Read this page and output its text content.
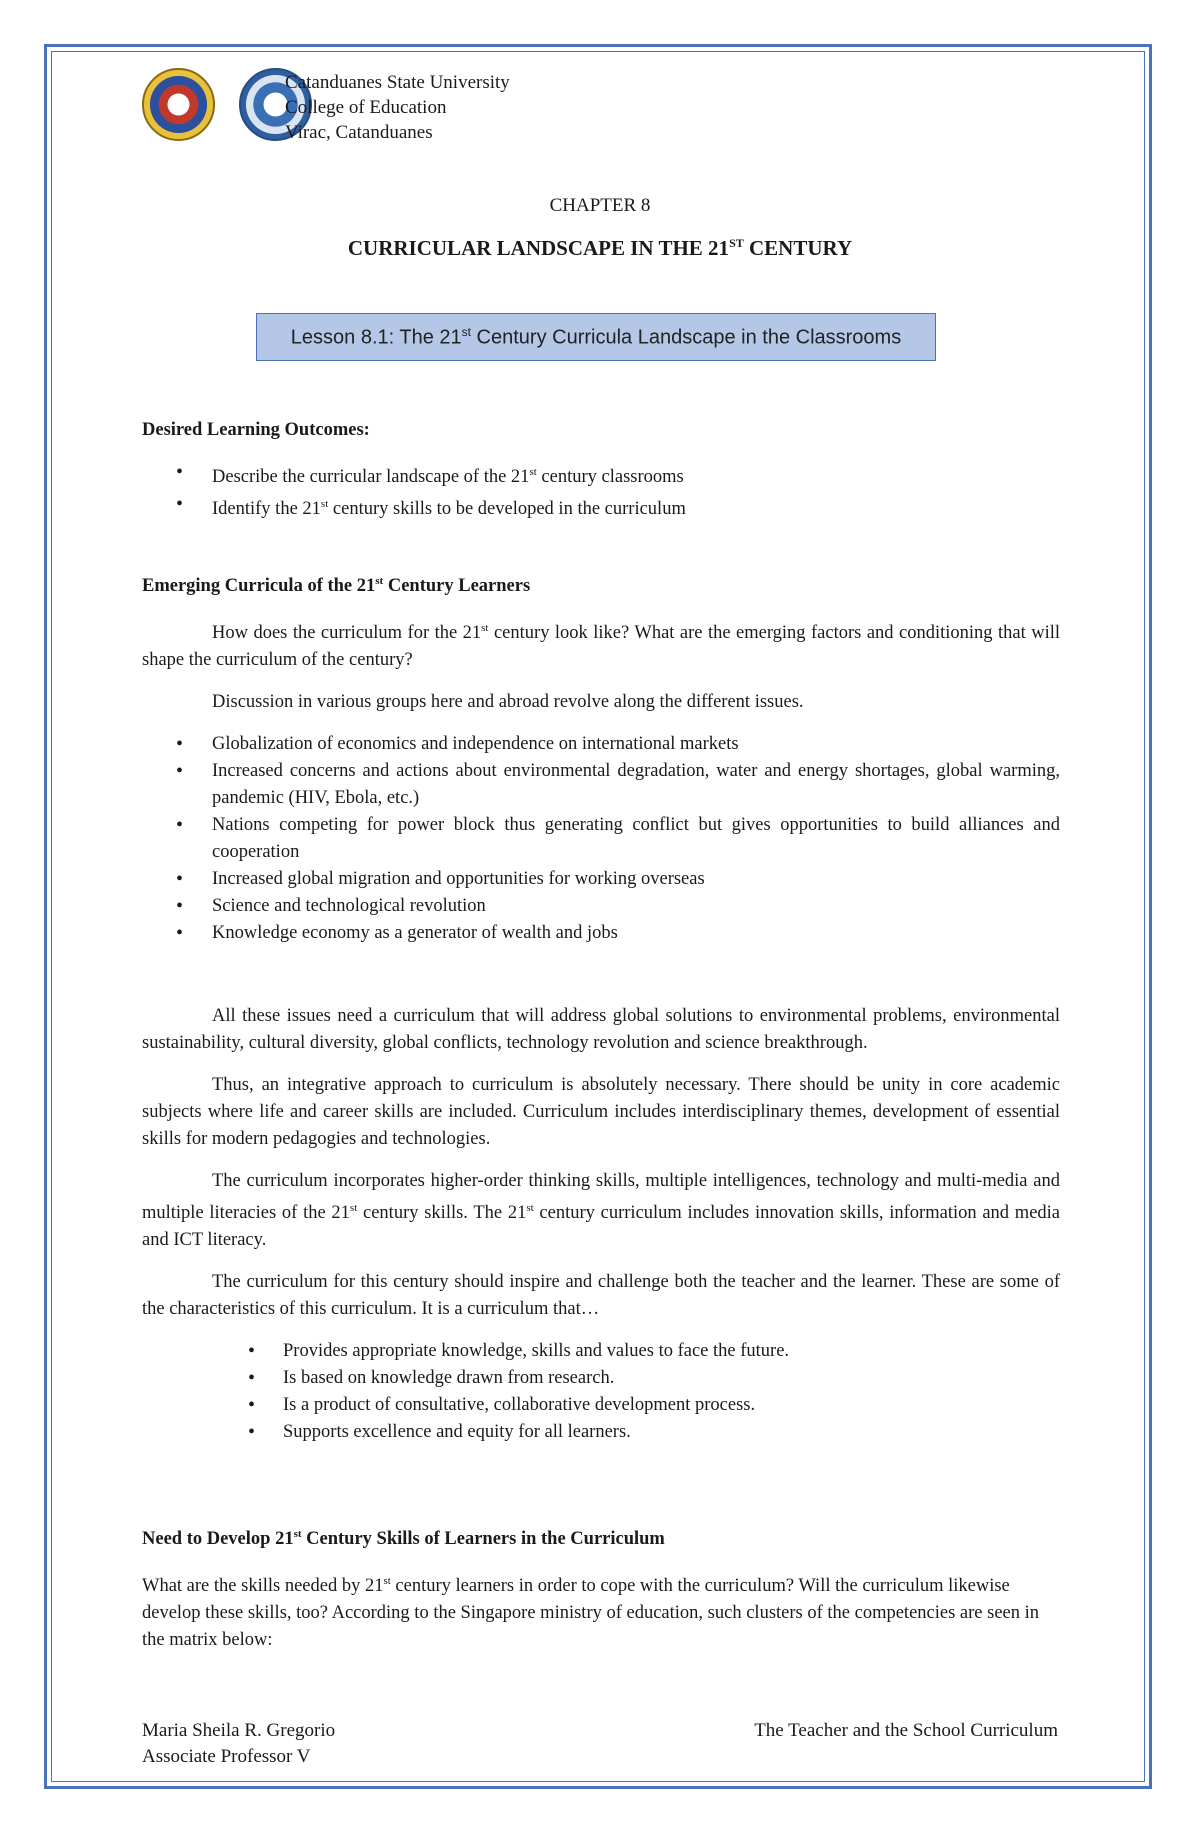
Catanduanes State University
College of Education
Virac, Catanduanes
CHAPTER 8
CURRICULAR LANDSCAPE IN THE 21ST CENTURY
Lesson 8.1: The 21st Century Curricula Landscape in the Classrooms
Desired Learning Outcomes:
• Describe the curricular landscape of the 21st century classrooms
• Identify the 21st century skills to be developed in the curriculum
Emerging Curricula of the 21st Century Learners

How does the curriculum for the 21st century look like? What are the emerging factors and conditioning that will shape the curriculum of the century?

Discussion in various groups here and abroad revolve along the different issues.

• Globalization of economics and independence on international markets
• Increased concerns and actions about environmental degradation, water and energy shortages, global warming, pandemic (HIV, Ebola, etc.)
• Nations competing for power block thus generating conflict but gives opportunities to build alliances and cooperation
• Increased global migration and opportunities for working overseas
• Science and technological revolution
• Knowledge economy as a generator of wealth and jobs

All these issues need a curriculum that will address global solutions to environmental problems, environmental sustainability, cultural diversity, global conflicts, technology revolution and science breakthrough.

Thus, an integrative approach to curriculum is absolutely necessary. There should be unity in core academic subjects where life and career skills are included. Curriculum includes interdisciplinary themes, development of essential skills for modern pedagogies and technologies.

The curriculum incorporates higher-order thinking skills, multiple intelligences, technology and multi-media and multiple literacies of the 21st century skills. The 21st century curriculum includes innovation skills, information and media and ICT literacy.

The curriculum for this century should inspire and challenge both the teacher and the learner. These are some of the characteristics of this curriculum. It is a curriculum that…

• Provides appropriate knowledge, skills and values to face the future.
• Is based on knowledge drawn from research.
• Is a product of consultative, collaborative development process.
• Supports excellence and equity for all learners.
Need to Develop 21st Century Skills of Learners in the Curriculum

What are the skills needed by 21st century learners in order to cope with the curriculum? Will the curriculum likewise develop these skills, too? According to the Singapore ministry of education, such clusters of the competencies are seen in the matrix below:

Maria Sheila R. Gregorio
Associate Professor V
The Teacher and the School Curriculum
